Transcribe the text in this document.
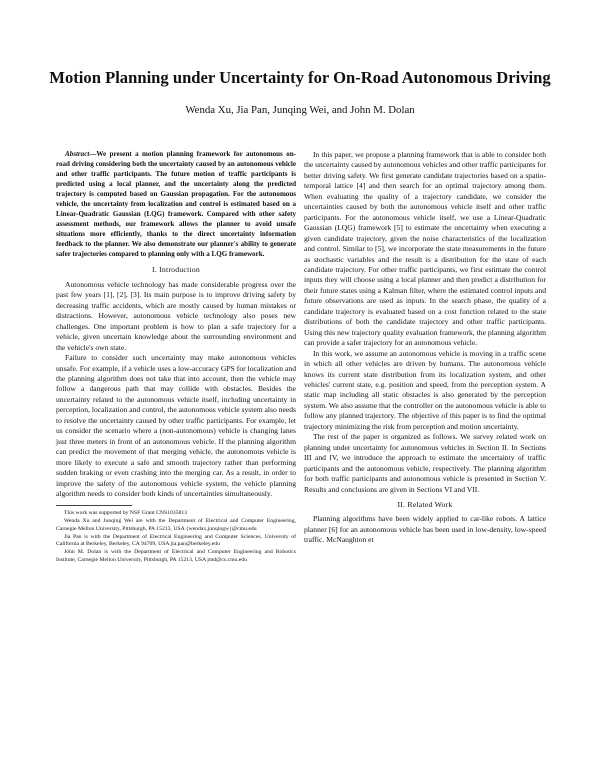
Motion Planning under Uncertainty for On-Road Autonomous Driving
Wenda Xu, Jia Pan, Junqing Wei, and John M. Dolan

Abstract—We present a motion planning framework for autonomous on-road driving considering both the uncertainty caused by an autonomous vehicle and other traffic participants. The future motion of traffic participants is predicted using a local planner, and the uncertainty along the predicted trajectory is computed based on Gaussian propagation. For the autonomous vehicle, the uncertainty from localization and control is estimated based on a Linear-Quadratic Gaussian (LQG) framework. Compared with other safety assessment methods, our framework allows the planner to avoid unsafe situations more efficiently, thanks to the direct uncertainty information feedback to the planner. We also demonstrate our planner's ability to generate safer trajectories compared to planning only with a LQG framework.

I. Introduction

Autonomous vehicle technology has made considerable progress over the past few years [1], [2], [3]. Its main purpose is to improve driving safety by decreasing traffic accidents, which are mostly caused by human mistakes or distractions. However, autonomous vehicle technology also poses new challenges. One important problem is how to plan a safe trajectory for a vehicle, given uncertain knowledge about the surrounding environment and the vehicle's own state.

Failure to consider such uncertainty may make autonomous vehicles unsafe. For example, if a vehicle uses a low-accuracy GPS for localization and the planning algorithm does not take that into account, then the vehicle may follow a dangerous path that may collide with obstacles. Besides the uncertainty related to the autonomous vehicle itself, including uncertainty in perception, localization and control, the autonomous vehicle system also needs to resolve the uncertainty caused by other traffic participants. For example, let us consider the scenario where a (non-autonomous) vehicle is changing lanes just three meters in front of an autonomous vehicle. If the planning algorithm can predict the movement of that merging vehicle, the autonomous vehicle is more likely to execute a safe and smooth trajectory rather than performing sudden braking or even crashing into the merging car. As a result, in order to improve the safety of the autonomous vehicle system, the vehicle planning algorithm needs to consider both kinds of uncertainties simultaneously.

This work was supported by NSF Grant CNS1035813

Wenda Xu and Junqing Wei are with the Department of Electrical and Computer Engineering, Carnegie Mellon University, Pittsburgh, PA 15213, USA {wendax,junqingw}@cmu.edu

Jia Pan is with the Department of Electrical Engineering and Computer Sciences, University of California at Berkeley, Berkeley, CA 94709, USA jia.pan@berkeley.edu

John M. Dolan is with the Department of Electrical and Computer Engineering and Robotics Institute, Carnegie Mellon University, Pittsburgh, PA 15213, USA jmd@cs.cmu.edu

In this paper, we propose a planning framework that is able to consider both the uncertainty caused by autonomous vehicles and other traffic participants for better driving safety. We first generate candidate trajectories based on a spatio-temporal lattice [4] and then search for an optimal trajectory among them. When evaluating the quality of a trajectory candidate, we consider the uncertainties caused by both the autonomous vehicle itself and other traffic participants. For the autonomous vehicle itself, we use a Linear-Quadratic Gaussian (LQG) framework [5] to estimate the uncertainty when executing a given candidate trajectory, given the noise characteristics of the localization and control. Similar to [5], we incorporate the state measurements in the future as stochastic variables and the result is a distribution for the state of each candidate trajectory. For other traffic participants, we first estimate the control inputs they will choose using a local planner and then predict a distribution for their future states using a Kalman filter, where the estimated control inputs and future observations are used as inputs. In the search phase, the quality of a candidate trajectory is evaluated based on a cost function related to the state distributions of both the candidate trajectory and other traffic participants. Using this new trajectory quality evaluation framework, the planning algorithm can provide a safer trajectory for an autonomous vehicle.

In this work, we assume an autonomous vehicle is moving in a traffic scene in which all other vehicles are driven by humans. The autonomous vehicle knows its current state distribution from its localization system, and other vehicles' current state, e.g. position and speed, from the perception system. A static map including all static obstacles is also generated by the perception system. We also assume that the controller on the autonomous vehicle is able to follow any planned trajectory. The objective of this paper is to find the optimal trajectory minimizing the risk from perception and motion uncertainty.

The rest of the paper is organized as follows. We survey related work on planning under uncertainty for autonomous vehicles in Section II. In Sections III and IV, we introduce the approach to estimate the uncertainty of traffic participants and the autonomous vehicle, respectively. The planning algorithm for both traffic participants and autonomous vehicle is presented in Section V. Results and conclusions are given in Sections VI and VII.

II. Related Work

Planning algorithms have been widely applied to car-like robots. A lattice planner [6] for an autonomous vehicle has been used in low-density, low-speed traffic. McNaughton et
